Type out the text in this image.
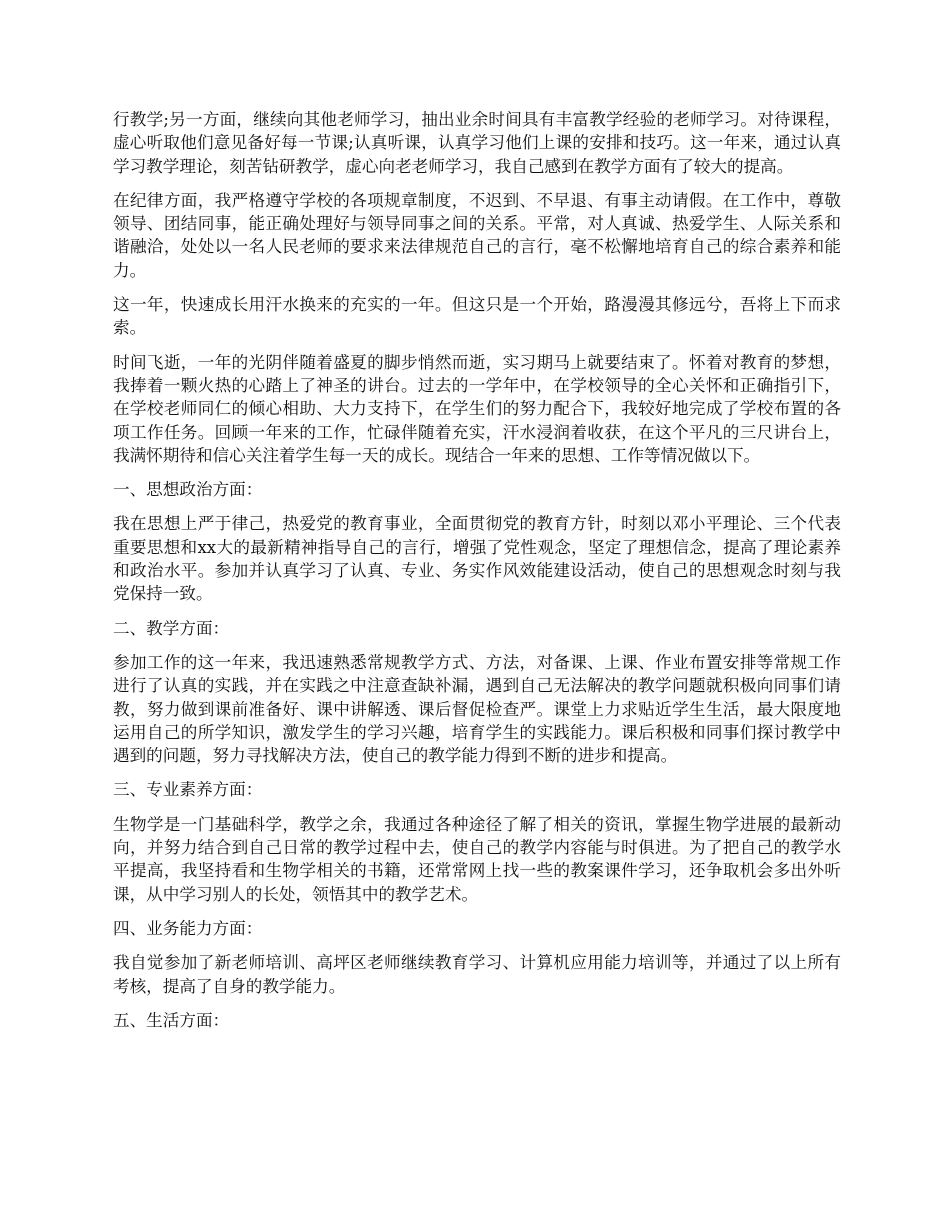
行教学;另一方面，继续向其他老师学习，抽出业余时间具有丰富教学经验的老师学习。对待课程，虚心听取他们意见备好每一节课;认真听课，认真学习他们上课的安排和技巧。这一年来，通过认真学习教学理论，刻苦钻研教学，虚心向老老师学习，我自己感到在教学方面有了较大的提高。

在纪律方面，我严格遵守学校的各项规章制度，不迟到、不早退、有事主动请假。在工作中，尊敬领导、团结同事，能正确处理好与领导同事之间的关系。平常，对人真诚、热爱学生、人际关系和谐融洽，处处以一名人民老师的要求来法律规范自己的言行，毫不松懈地培育自己的综合素养和能力。

这一年，快速成长用汗水换来的充实的一年。但这只是一个开始，路漫漫其修远兮，吾将上下而求索。

时间飞逝，一年的光阴伴随着盛夏的脚步悄然而逝，实习期马上就要结束了。怀着对教育的梦想，我捧着一颗火热的心踏上了神圣的讲台。过去的一学年中，在学校领导的全心关怀和正确指引下，在学校老师同仁的倾心相助、大力支持下，在学生们的努力配合下，我较好地完成了学校布置的各项工作任务。回顾一年来的工作，忙碌伴随着充实，汗水浸润着收获，在这个平凡的三尺讲台上，我满怀期待和信心关注着学生每一天的成长。现结合一年来的思想、工作等情况做以下。

一、思想政治方面：

我在思想上严于律己，热爱党的教育事业，全面贯彻党的教育方针，时刻以邓小平理论、三个代表重要思想和xx大的最新精神指导自己的言行，增强了党性观念，坚定了理想信念，提高了理论素养和政治水平。参加并认真学习了认真、专业、务实作风效能建设活动，使自己的思想观念时刻与我党保持一致。

二、教学方面：

参加工作的这一年来，我迅速熟悉常规教学方式、方法，对备课、上课、作业布置安排等常规工作进行了认真的实践，并在实践之中注意查缺补漏，遇到自己无法解决的教学问题就积极向同事们请教，努力做到课前准备好、课中讲解透、课后督促检查严。课堂上力求贴近学生生活，最大限度地运用自己的所学知识，激发学生的学习兴趣，培育学生的实践能力。课后积极和同事们探讨教学中遇到的问题，努力寻找解决方法，使自己的教学能力得到不断的进步和提高。

三、专业素养方面：

生物学是一门基础科学，教学之余，我通过各种途径了解了相关的资讯，掌握生物学进展的最新动向，并努力结合到自己日常的教学过程中去，使自己的教学内容能与时俱进。为了把自己的教学水平提高，我坚持看和生物学相关的书籍，还常常网上找一些的教案课件学习，还争取机会多出外听课，从中学习别人的长处，领悟其中的教学艺术。

四、业务能力方面：

我自觉参加了新老师培训、高坪区老师继续教育学习、计算机应用能力培训等，并通过了以上所有考核，提高了自身的教学能力。

五、生活方面：
